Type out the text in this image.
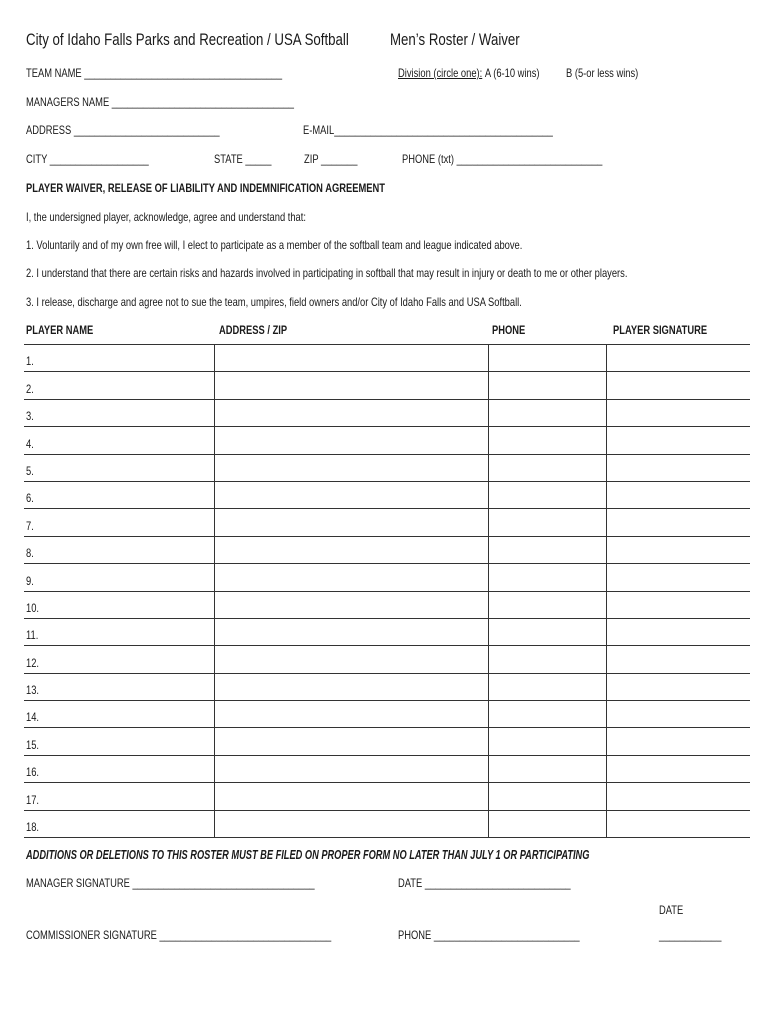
City of Idaho Falls Parks and Recreation / USA Softball	Men’s Roster / Waiver
TEAM NAME ______________________________________	Division (circle one): A (6-10 wins)	B (5-or less wins)
MANAGERS NAME ___________________________________
ADDRESS ____________________________	E-MAIL__________________________________________
CITY ___________________	STATE _____	ZIP _______	PHONE (txt) ____________________________
PLAYER WAIVER, RELEASE OF LIABILITY AND INDEMNIFICATION AGREEMENT
I, the undersigned player, acknowledge, agree and understand that:
1. Voluntarily and of my own free will, I elect to participate as a member of the softball team and league indicated above.
2. I understand that there are certain risks and hazards involved in participating in softball that may result in injury or death to me or other players.
3. I release, discharge and agree not to sue the team, umpires, field owners and/or City of Idaho Falls and USA Softball.
PLAYER NAME	ADDRESS / ZIP	PHONE	PLAYER SIGNATURE
1.			

2.			

3.			

4.			

5.			

6.			

7.			

8.			

9.			

10.			

11.			

12.			

13.			

14.			

15.			

16.			

17.			

18.			

ADDITIONS OR DELETIONS TO THIS ROSTER MUST BE FILED ON PROPER FORM NO LATER THAN JULY 1 OR PARTICIPATING
MANAGER SIGNATURE ___________________________________	DATE ____________________________
DATE
COMMISSIONER SIGNATURE _________________________________	PHONE ____________________________	____________
